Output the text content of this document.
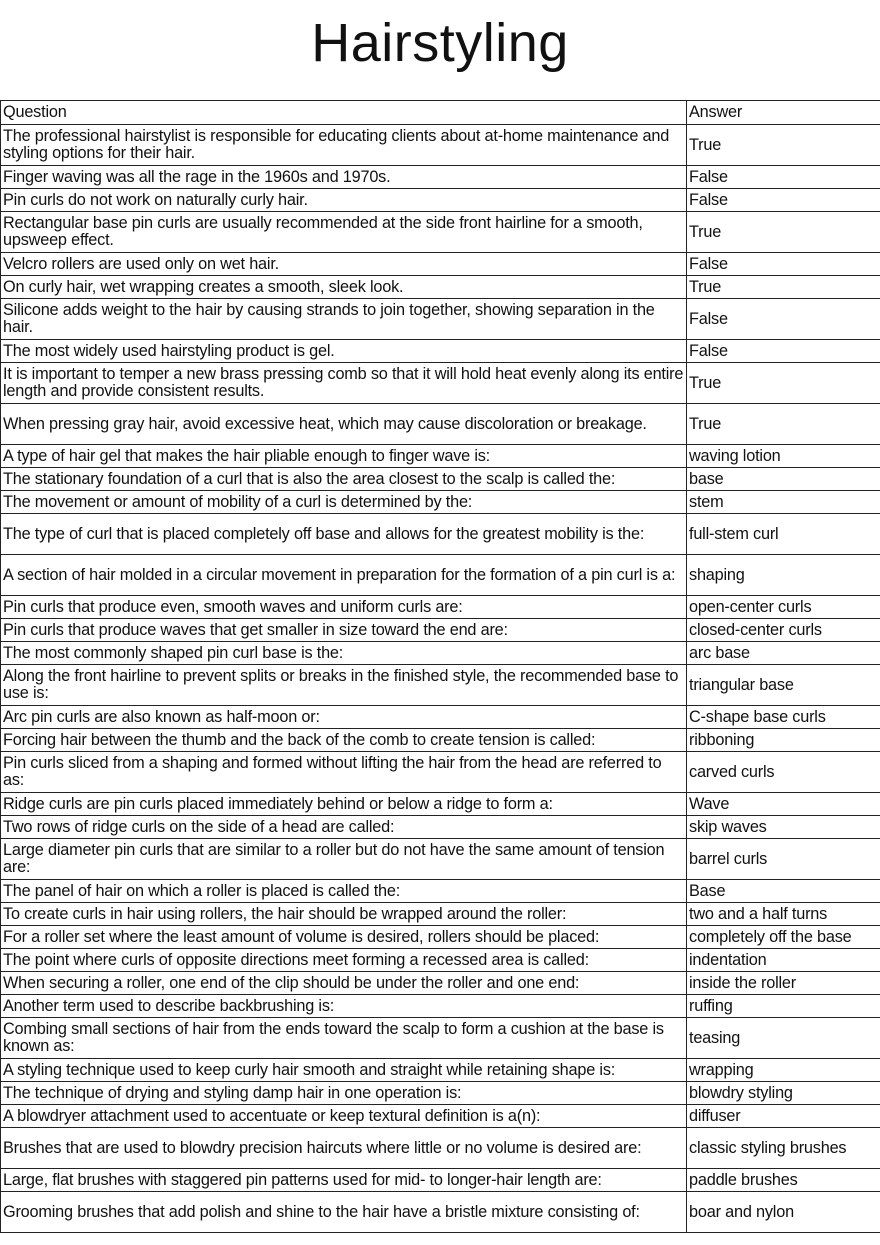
Hairstyling
Question	Answer
The professional hairstylist is responsible for educating clients about at-home maintenance and styling options for their hair.	True
Finger waving was all the rage in the 1960s and 1970s.	False
Pin curls do not work on naturally curly hair.	False
Rectangular base pin curls are usually recommended at the side front hairline for a smooth, upsweep effect.	True
Velcro rollers are used only on wet hair.	False
On curly hair, wet wrapping creates a smooth, sleek look.	True
Silicone adds weight to the hair by causing strands to join together, showing separation in the hair.	False
The most widely used hairstyling product is gel.	False
It is important to temper a new brass pressing comb so that it will hold heat evenly along its entire length and provide consistent results.	True
When pressing gray hair, avoid excessive heat, which may cause discoloration or breakage.	True
A type of hair gel that makes the hair pliable enough to finger wave is:	waving lotion
The stationary foundation of a curl that is also the area closest to the scalp is called the:	base
The movement or amount of mobility of a curl is determined by the:	stem
The type of curl that is placed completely off base and allows for the greatest mobility is the:	full-stem curl
A section of hair molded in a circular movement in preparation for the formation of a pin curl is a:	shaping
Pin curls that produce even, smooth waves and uniform curls are:	open-center curls
Pin curls that produce waves that get smaller in size toward the end are:	closed-center curls
The most commonly shaped pin curl base is the:	arc base
Along the front hairline to prevent splits or breaks in the finished style, the recommended base to use is:	triangular base
Arc pin curls are also known as half-moon or:	C-shape base curls
Forcing hair between the thumb and the back of the comb to create tension is called:	ribboning
Pin curls sliced from a shaping and formed without lifting the hair from the head are referred to as:	carved curls
Ridge curls are pin curls placed immediately behind or below a ridge to form a:	Wave
Two rows of ridge curls on the side of a head are called:	skip waves
Large diameter pin curls that are similar to a roller but do not have the same amount of tension are:	barrel curls
The panel of hair on which a roller is placed is called the:	Base
To create curls in hair using rollers, the hair should be wrapped around the roller:	two and a half turns
For a roller set where the least amount of volume is desired, rollers should be placed:	completely off the base
The point where curls of opposite directions meet forming a recessed area is called:	indentation
When securing a roller, one end of the clip should be under the roller and one end:	inside the roller
Another term used to describe backbrushing is:	ruffing
Combing small sections of hair from the ends toward the scalp to form a cushion at the base is known as:	teasing
A styling technique used to keep curly hair smooth and straight while retaining shape is:	wrapping
The technique of drying and styling damp hair in one operation is:	blowdry styling
A blowdryer attachment used to accentuate or keep textural definition is a(n):	diffuser
Brushes that are used to blowdry precision haircuts where little or no volume is desired are:	classic styling brushes
Large, flat brushes with staggered pin patterns used for mid- to longer-hair length are:	paddle brushes
Grooming brushes that add polish and shine to the hair have a bristle mixture consisting of:	boar and nylon
